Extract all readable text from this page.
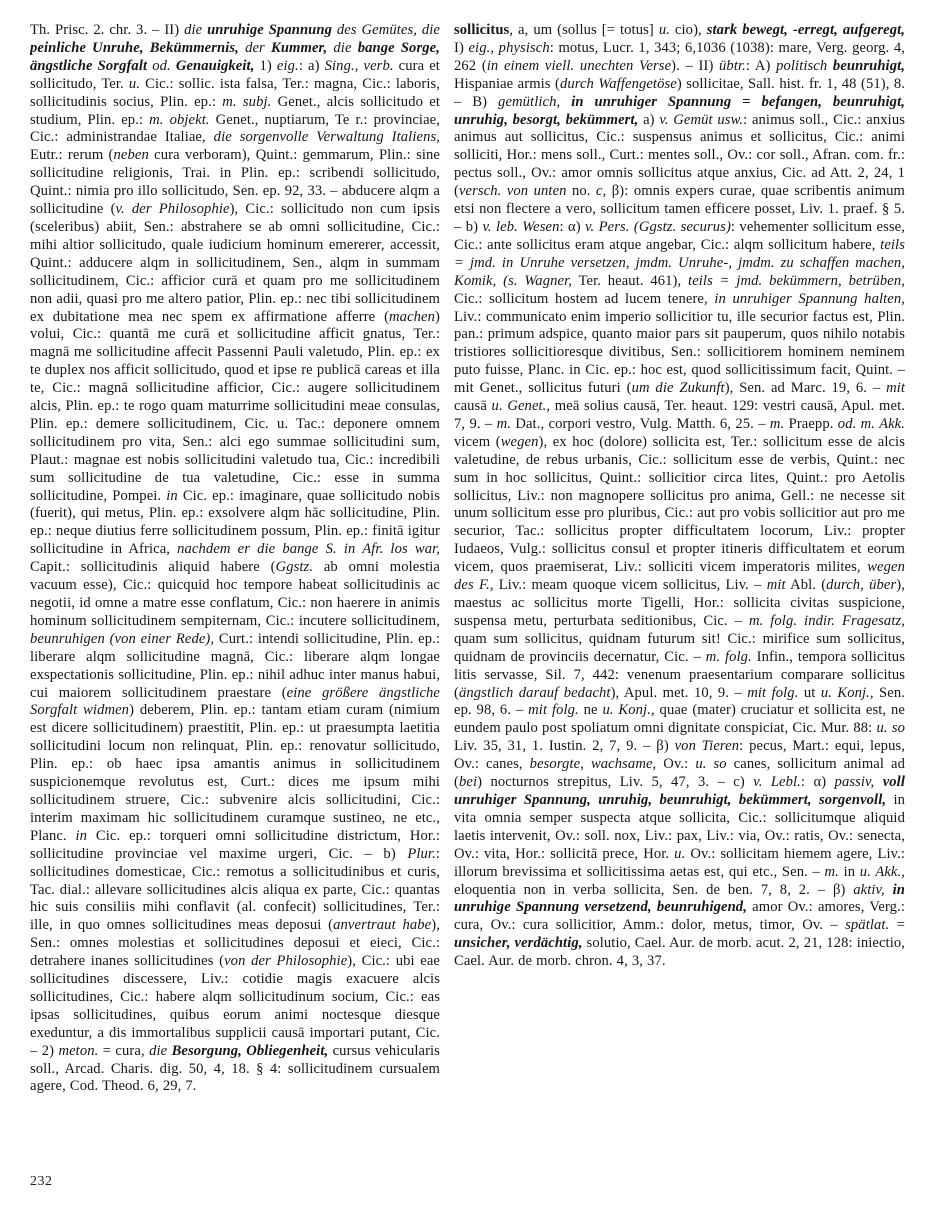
Th. Prisc. 2. chr. 3. – II) die unruhige Spannung des Gemütes, die peinliche Unruhe, Bekümmernis, der Kummer, die bange Sorge, ängstliche Sorgfalt od. Genauigkeit, 1) eig.: a) Sing., verb. cura et sollicitudo, Ter. u. Cic.: sollic. ista falsa, Ter.: magna, Cic.: laboris, sollicitudinis socius, Plin. ep.: m. subj. Genet., alcis sollicitudo et studium, Plin. ep.: m. objekt. Genet., nuptiarum, Te r.: provinciae, Cic.: administrandae Italiae, die sorgenvolle Verwaltung Italiens, Eutr.: rerum (neben cura verboram), Quint.: gemmarum, Plin.: sine sollicitudine religionis, Trai. in Plin. ep.: scribendi sollicitudo, Quint.: nimia pro illo sollicitudo, Sen. ep. 92, 33. – abducere alqm a sollicitudine (v. der Philosophie), Cic.: sollicitudo non cum ipsis (sceleribus) abiit, Sen.: abstrahere se ab omni sollicitudine, Cic.: mihi altior sollicitudo, quale iudicium hominum emererer, accessit, Quint.: adducere alqm in sollicitudinem, Sen., alqm in summam sollicitudinem, Cic.: afficior curā et quam pro me sollicitudinem non adii, quasi pro me altero patior, Plin. ep.: nec tibi sollicitudinem ex dubitatione mea nec spem ex affirmatione afferre (machen) volui, Cic.: quantā me curā et sollicitudine afficit gnatus, Ter.: magnā me sollicitudine affecit Passenni Pauli valetudo, Plin. ep.: ex te duplex nos afficit sollicitudo, quod et ipse re publicā careas et illa te, Cic.: magnā sollicitudine afficior, Cic.: augere sollicitudinem alcis, Plin. ep.: te rogo quam maturrime sollicitudini meae consulas, Plin. ep.: demere sollicitudinem, Cic. u. Tac.: deponere omnem sollicitudinem pro vita, Sen.: alci ego summae sollicitudini sum, Plaut.: magnae est nobis sollicitudini valetudo tua, Cic.: incredibili sum sollicitudine de tua valetudine, Cic.: esse in summa sollicitudine, Pompei. in Cic. ep.: imaginare, quae sollicitudo nobis (fuerit), qui metus, Plin. ep.: exsolvere alqm hāc sollicitudine, Plin. ep.: neque diutius ferre sollicitudinem possum, Plin. ep.: finitā igitur sollicitudine in Africa, nachdem er die bange S. in Afr. los war, Capit.: sollicitudinis aliquid habere (Ggstz. ab omni molestia vacuum esse), Cic.: quicquid hoc tempore habeat sollicitudinis ac negotii, id omne a matre esse conflatum, Cic.: non haerere in animis hominum sollicitudinem sempiternam, Cic.: incutere sollicitudinem, beunruhigen (von einer Rede), Curt.: intendi sollicitudine, Plin. ep.: liberare alqm sollicitudine magnā, Cic.: liberare alqm longae exspectationis sollicitudine, Plin. ep.: nihil adhuc inter manus habui, cui maiorem sollicitudinem praestare (eine größere ängstliche Sorgfalt widmen) deberem, Plin. ep.: tantam etiam curam (nimium est dicere sollicitudinem) praestitit, Plin. ep.: ut praesumpta laetitia sollicitudini locum non relinquat, Plin. ep.: renovatur sollicitudo, Plin. ep.: ob haec ipsa amantis animus in sollicitudinem suspicionemque revolutus est, Curt.: dices me ipsum mihi sollicitudinem struere, Cic.: subvenire alcis sollicitudini, Cic.: interim maximam hic sollicitudinem curamque sustineo, ne etc., Planc. in Cic. ep.: torqueri omni sollicitudine districtum, Hor.: sollicitudine provinciae vel maxime urgeri, Cic. – b) Plur.: sollicitudines domesticae, Cic.: remotus a sollicitudinibus et curis, Tac. dial.: allevare sollicitudines alcis aliqua ex parte, Cic.: quantas hic suis consiliis mihi conflavit (al. confecit) sollicitudines, Ter.: ille, in quo omnes sollicitudines meas deposui (anvertraut habe), Sen.: omnes molestias et sollicitudines deposui et eieci, Cic.: detrahere inanes sollicitudines (von der Philosophie), Cic.: ubi eae sollicitudines discessere, Liv.: cotidie magis exacuere alcis sollicitudines, Cic.: habere alqm sollicitudinum socium, Cic.: eas ipsas sollicitudines, quibus eorum animi noctesque diesque exeduntur, a dis immortalibus supplicii causā importari putant, Cic. – 2) meton. = cura, die Besorgung, Obliegenheit, cursus vehicularis soll., Arcad. Charis. dig. 50, 4, 18. § 4: sollicitudinem cursualem agere, Cod. Theod. 6, 29, 7.

sollicitus, a, um (sollus [= totus] u. cio), stark bewegt, -erregt, aufgeregt, I) eig., physisch: motus, Lucr. 1, 343; 6,1036 (1038): mare, Verg. georg. 4, 262 (in einem viell. unechten Verse). – II) übtr.: A) politisch beunruhigt, Hispaniae armis (durch Waffengetöse) sollicitae, Sall. hist. fr. 1, 48 (51), 8. – B) gemütlich, in unruhiger Spannung = befangen, beunruhigt, unruhig, besorgt, bekümmert, a) v. Gemüt usw.: animus soll., Cic.: anxius animus aut sollicitus, Cic.: suspensus animus et sollicitus, Cic.: animi solliciti, Hor.: mens soll., Curt.: mentes soll., Ov.: cor soll., Afran. com. fr.: pectus soll., Ov.: amor omnis sollicitus atque anxius, Cic. ad Att. 2, 24, 1 (versch. von unten no. c, β): omnis expers curae, quae scribentis animum etsi non flectere a vero, sollicitum tamen efficere posset, Liv. 1. praef. § 5. – b) v. leb. Wesen: α) v. Pers. (Ggstz. securus): vehementer sollicitum esse, Cic.: ante sollicitus eram atque angebar, Cic.: alqm sollicitum habere, teils = jmd. in Unruhe versetzen, jmdm. Unruhe-, jmdm. zu schaffen machen, Komik, (s. Wagner, Ter. heaut. 461), teils = jmd. bekümmern, betrüben, Cic.: sollicitum hostem ad lucem tenere, in unruhiger Spannung halten, Liv.: communicato enim imperio sollicitior tu, ille securior factus est, Plin. pan.: primum adspice, quanto maior pars sit pauperum, quos nihilo notabis tristiores sollicitioresque divitibus, Sen.: sollicitiorem hominem neminem puto fuisse, Planc. in Cic. ep.: hoc est, quod sollicitissimum facit, Quint. – mit Genet., sollicitus futuri (um die Zukunft), Sen. ad Marc. 19, 6. – mit causā u. Genet., meā solius causā, Ter. heaut. 129: vestri causā, Apul. met. 7, 9. – m. Dat., corpori vestro, Vulg. Matth. 6, 25. – m. Praepp. od. m. Akk. vicem (wegen), ex hoc (dolore) sollicita est, Ter.: sollicitum esse de alcis valetudine, de rebus urbanis, Cic.: sollicitum esse de verbis, Quint.: nec sum in hoc sollicitus, Quint.: sollicitior circa lites, Quint.: pro Aetolis sollicitus, Liv.: non magnopere sollicitus pro anima, Gell.: ne necesse sit unum sollicitum esse pro pluribus, Cic.: aut pro vobis sollicitior aut pro me securior, Tac.: sollicitus propter difficultatem locorum, Liv.: propter Iudaeos, Vulg.: sollicitus consul et propter itineris difficultatem et eorum vicem, quos praemiserat, Liv.: solliciti vicem imperatoris milites, wegen des F., Liv.: meam quoque vicem sollicitus, Liv. – mit Abl. (durch, über), maestus ac sollicitus morte Tigelli, Hor.: sollicita civitas suspicione, suspensa metu, perturbata seditionibus, Cic. – m. folg. indir. Fragesatz, quam sum sollicitus, quidnam futurum sit! Cic.: mirifice sum sollicitus, quidnam de provinciis decernatur, Cic. – m. folg. Infin., tempora sollicitus litis servasse, Sil. 7, 442: venenum praesentarium comparare sollicitus (ängstlich darauf bedacht), Apul. met. 10, 9. – mit folg. ut u. Konj., Sen. ep. 98, 6. – mit folg. ne u. Konj., quae (mater) cruciatur et sollicita est, ne eundem paulo post spoliatum omni dignitate conspiciat, Cic. Mur. 88: u. so Liv. 35, 31, 1. Iustin. 2, 7, 9. – β) von Tieren: pecus, Mart.: equi, lepus, Ov.: canes, besorgte, wachsame, Ov.: u. so canes, sollicitum animal ad (bei) nocturnos strepitus, Liv. 5, 47, 3. – c) v. Lebl.: α) passiv, voll unruhiger Spannung, unruhig, beunruhigt, bekümmert, sorgenvoll, in vita omnia semper suspecta atque sollicita, Cic.: sollicitumque aliquid laetis intervenit, Ov.: soll. nox, Liv.: pax, Liv.: via, Ov.: ratis, Ov.: senecta, Ov.: vita, Hor.: sollicitā prece, Hor. u. Ov.: sollicitam hiemem agere, Liv.: illorum brevissima et sollicitissima aetas est, qui etc., Sen. – m. in u. Akk., eloquentia non in verba sollicita, Sen. de ben. 7, 8, 2. – β) aktiv, in unruhige Spannung versetzend, beunruhigend, amor Ov.: amores, Verg.: cura, Ov.: cura sollicitior, Amm.: dolor, metus, timor, Ov. – spätlat. = unsicher, verdächtig, solutio, Cael. Aur. de morb. acut. 2, 21, 128: iniectio, Cael. Aur. de morb. chron. 4, 3, 37.

232
